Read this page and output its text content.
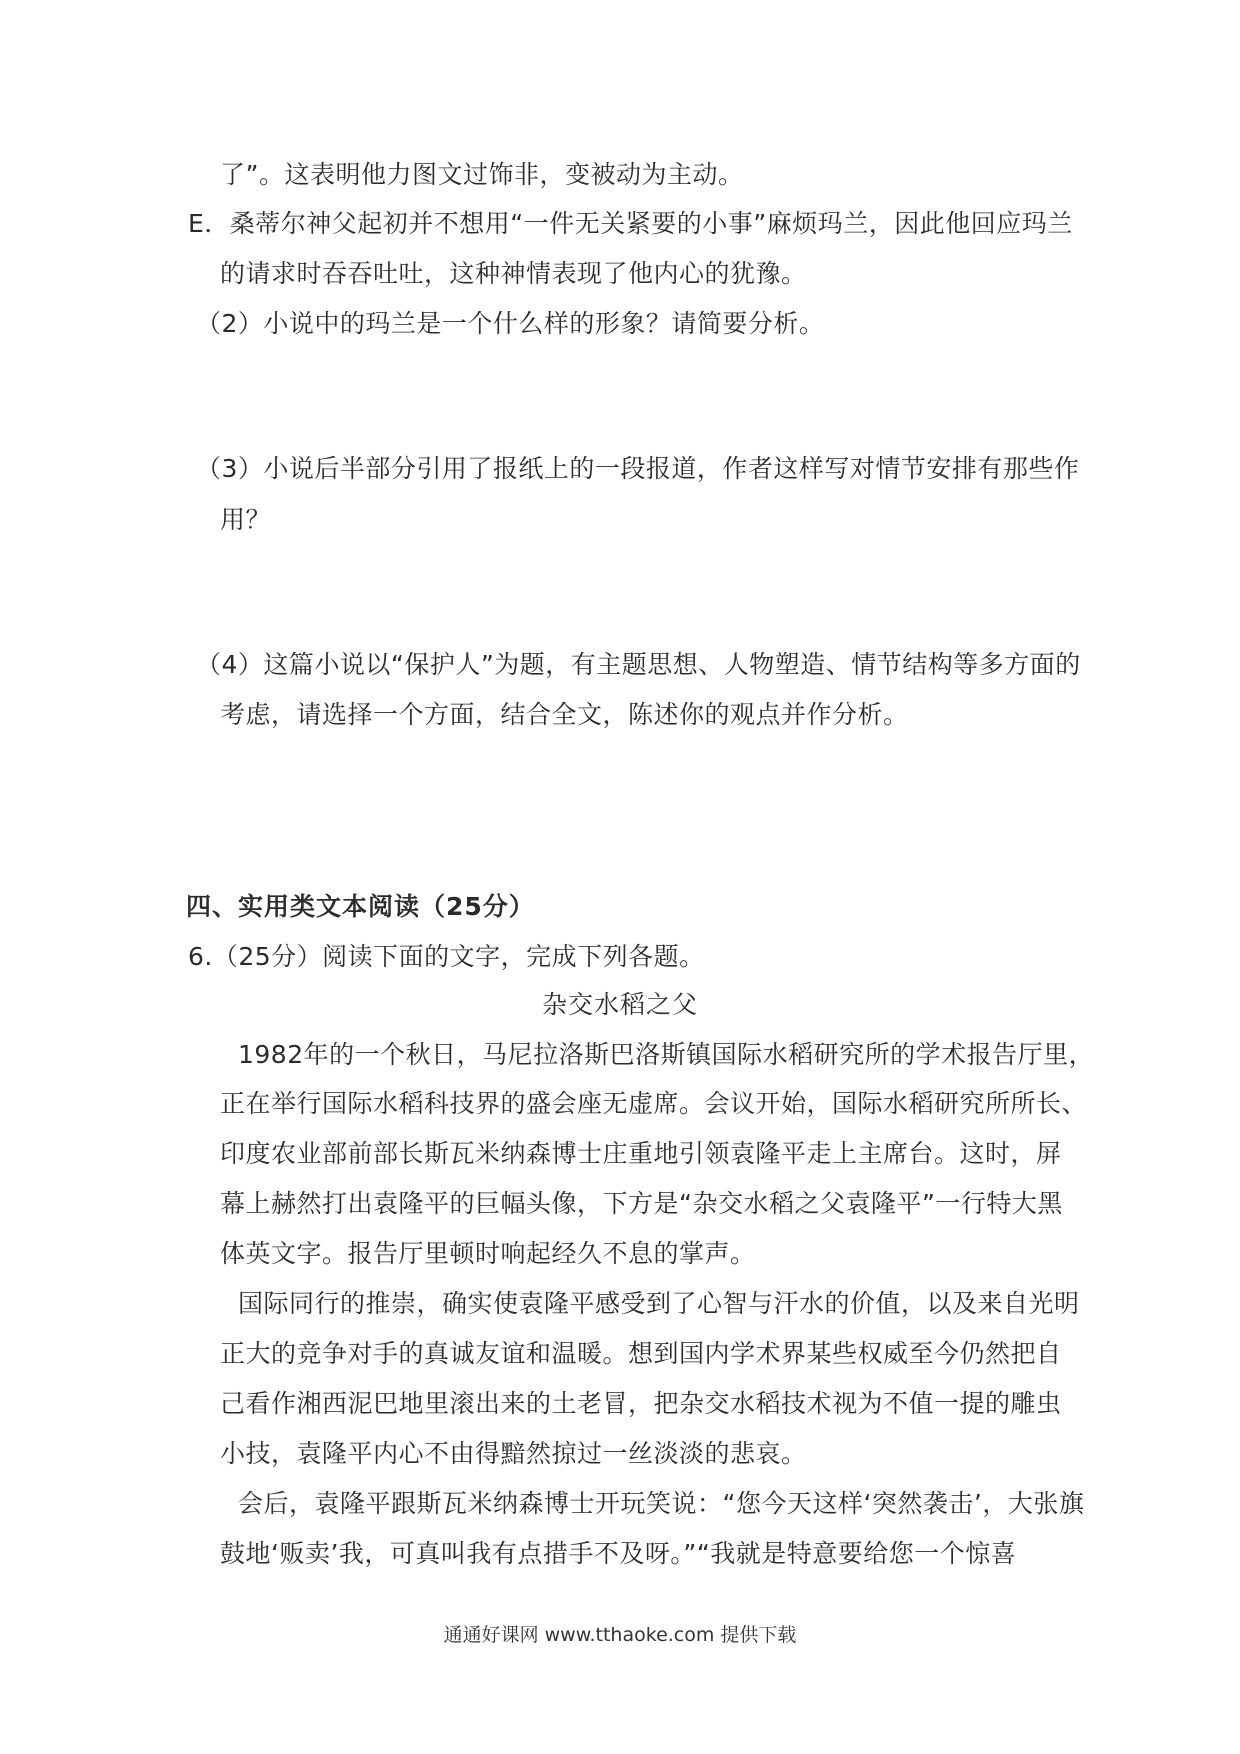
了”。这表明他力图文过饰非，变被动为主动。
E．桑蒂尔神父起初并不想用“一件无关紧要的小事”麻烦玛兰，因此他回应玛兰
的请求时吞吞吐吐，这种神情表现了他内心的犹豫。
（2）小说中的玛兰是一个什么样的形象？请简要分析。
（3）小说后半部分引用了报纸上的一段报道，作者这样写对情节安排有那些作
用？
（4）这篇小说以“保护人”为题，有主题思想、人物塑造、情节结构等多方面的
考虑，请选择一个方面，结合全文，陈述你的观点并作分析。
四、实用类文本阅读（25分）
6.（25分）阅读下面的文字，完成下列各题。
杂交水稻之父
1982年的一个秋日，马尼拉洛斯巴洛斯镇国际水稻研究所的学术报告厅里，
正在举行国际水稻科技界的盛会座无虚席。会议开始，国际水稻研究所所长、
印度农业部前部长斯瓦米纳森博士庄重地引领袁隆平走上主席台。这时，屏
幕上赫然打出袁隆平的巨幅头像，下方是“杂交水稻之父袁隆平”一行特大黑
体英文字。报告厅里顿时响起经久不息的掌声。
国际同行的推崇，确实使袁隆平感受到了心智与汗水的价值，以及来自光明
正大的竞争对手的真诚友谊和温暖。想到国内学术界某些权威至今仍然把自
己看作湘西泥巴地里滚出来的土老冒，把杂交水稻技术视为不值一提的雕虫
小技，袁隆平内心不由得黯然掠过一丝淡淡的悲哀。
会后，袁隆平跟斯瓦米纳森博士开玩笑说：“您今天这样‘突然袭击’，大张旗
鼓地‘贩卖’我，可真叫我有点措手不及呀。”“我就是特意要给您一个惊喜
通通好课网 www.tthaoke.com 提供下载
